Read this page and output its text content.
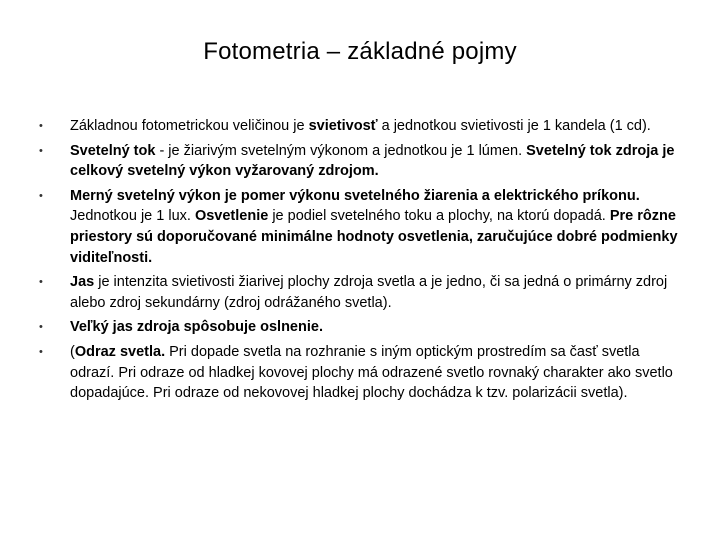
Fotometria – základné pojmy
• Základnou fotometrickou veličinou je svietivosť a jednotkou svietivosti je 1 kandela (1 cd).
• Svetelný tok - je žiarivým svetelným výkonom a jednotkou je 1 lúmen. Svetelný tok zdroja je celkový svetelný výkon vyžarovaný zdrojom.
• Merný svetelný výkon je pomer výkonu svetelného žiarenia a elektrického príkonu. Jednotkou je 1 lux. Osvetlenie je podiel svetelného toku a plochy, na ktorú dopadá. Pre rôzne priestory sú doporučované minimálne hodnoty osvetlenia, zaručujúce dobré podmienky viditeľnosti.
• Jas je intenzita svietivosti žiarivej plochy zdroja svetla a je jedno, či sa jedná o primárny zdroj alebo zdroj sekundárny (zdroj odrážaného svetla).
• Veľký jas zdroja spôsobuje oslnenie.
• (Odraz svetla. Pri dopade svetla na rozhranie s iným optickým prostredím sa časť svetla odrazí. Pri odraze od hladkej kovovej plochy má odrazené svetlo rovnaký charakter ako svetlo dopadajúce. Pri odraze od nekovovej hladkej plochy dochádza k tzv. polarizácii svetla).
